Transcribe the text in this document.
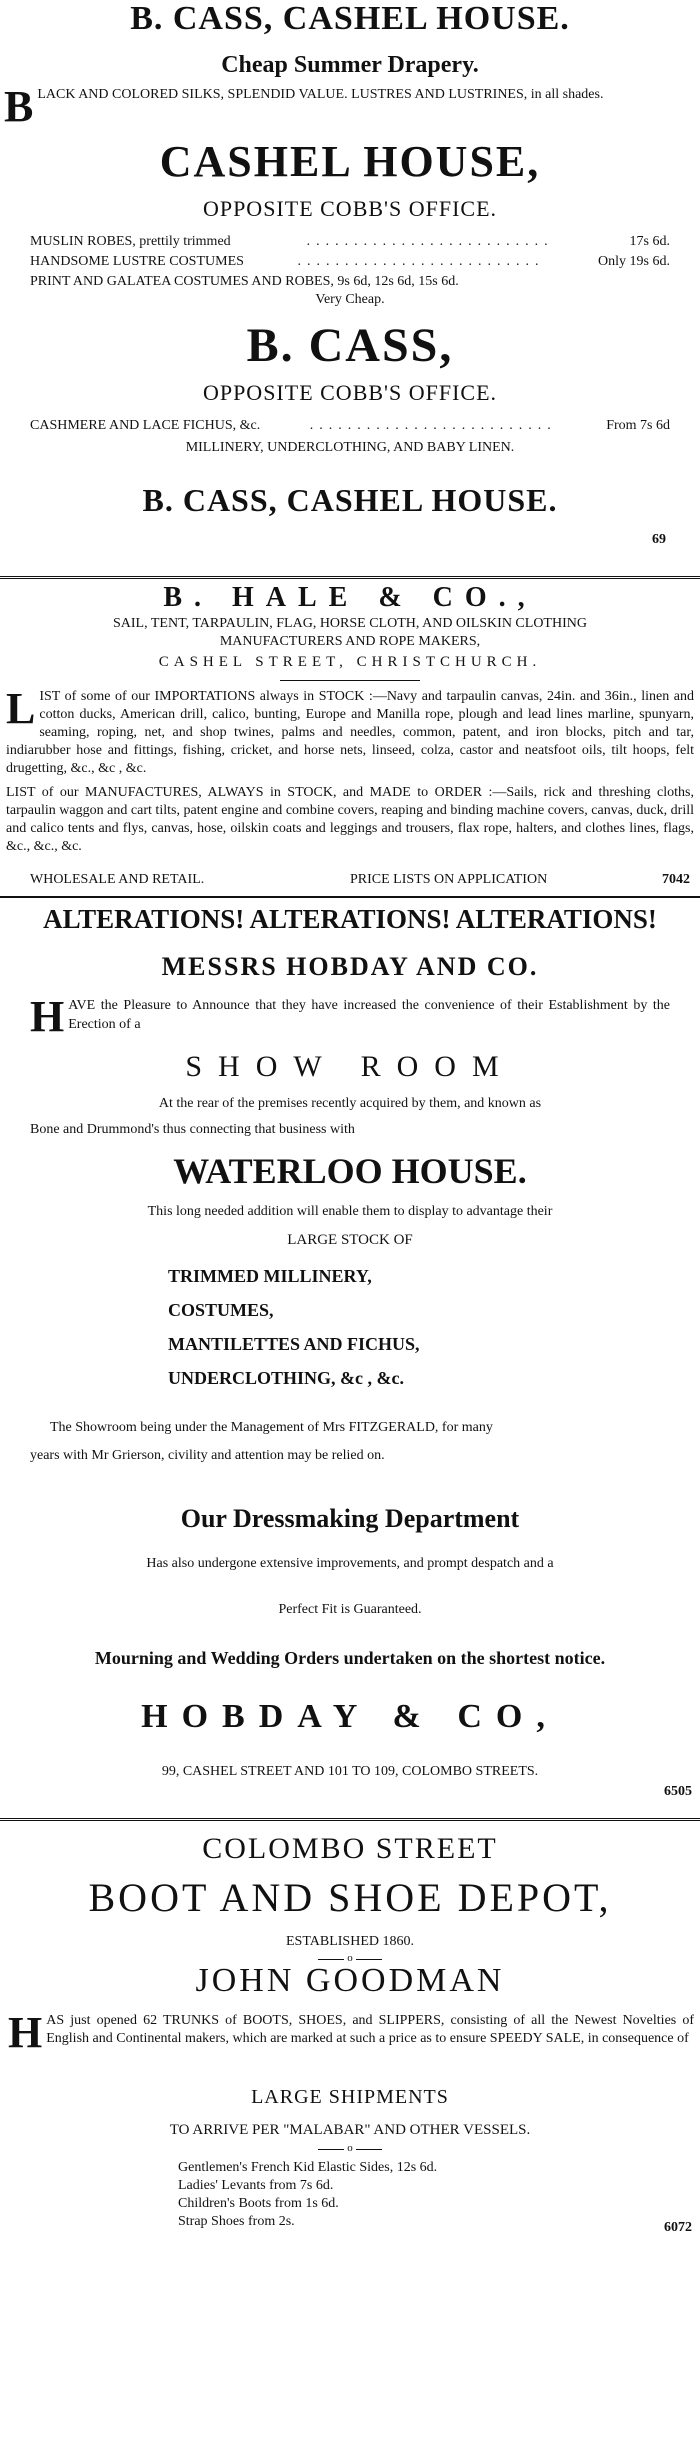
B. CASS, CASHEL HOUSE.
Cheap Summer Drapery.
B LACK AND COLORED SILKS, SPLENDID VALUE. LUSTRES AND LUSTRINES, in all shades.
CASHEL HOUSE,
OPPOSITE COBB'S OFFICE.
MUSLIN ROBES, prettily trimmed	..........................	17s 6d.
HANDSOME LUSTRE COSTUMES	..........................	Only 19s 6d.
PRINT AND GALATEA COSTUMES AND ROBES, 9s 6d, 12s 6d, 15s 6d.
Very Cheap.
B. CASS,
OPPOSITE COBB'S OFFICE.
CASHMERE AND LACE FICHUS, &c.	..........................	From 7s 6d
MILLINERY, UNDERCLOTHING, AND BABY LINEN.
B. CASS, CASHEL HOUSE.
69
B. HALE & CO.,
SAIL, TENT, TARPAULIN, FLAG, HORSE CLOTH, AND OILSKIN CLOTHING
MANUFACTURERS AND ROPE MAKERS,
CASHEL STREET, CHRISTCHURCH.
L IST of some of our IMPORTATIONS always in STOCK :—Navy and tarpaulin canvas, 24in. and 36in., linen and cotton ducks, American drill, calico, bunting, Europe and Manilla rope, plough and lead lines marline, spunyarn, seaming, roping, net, and shop twines, palms and needles, common, patent, and iron blocks, pitch and tar, indiarubber hose and fittings, fishing, cricket, and horse nets, linseed, colza, castor and neatsfoot oils, tilt hoops, felt drugetting, &c., &c , &c.
LIST of our MANUFACTURES, ALWAYS in STOCK, and MADE to ORDER :—Sails, rick and threshing cloths, tarpaulin waggon and cart tilts, patent engine and combine covers, reaping and binding machine covers, canvas, duck, drill and calico tents and flys, canvas, hose, oilskin coats and leggings and trousers, flax rope, halters, and clothes lines, flags, &c., &c., &c.
WHOLESALE AND RETAIL.	PRICE LISTS ON APPLICATION	7042
ALTERATIONS! ALTERATIONS! ALTERATIONS!
MESSRS HOBDAY AND CO.
H AVE the Pleasure to Announce that they have increased the convenience of their Establishment by the Erection of a
SHOW ROOM
At the rear of the premises recently acquired by them, and known as
Bone and Drummond's thus connecting that business with
WATERLOO HOUSE.
This long needed addition will enable them to display to advantage their
LARGE STOCK OF
TRIMMED MILLINERY,
COSTUMES,
MANTILETTES AND FICHUS,
UNDERCLOTHING, &c , &c.
The Showroom being under the Management of Mrs FITZGERALD, for many
years with Mr Grierson, civility and attention may be relied on.
Our Dressmaking Department
Has also undergone extensive improvements, and prompt despatch and a
Perfect Fit is Guaranteed.
Mourning and Wedding Orders undertaken on the shortest notice.
HOBDAY & CO,
99, CASHEL STREET AND 101 TO 109, COLOMBO STREETS.
6505
COLOMBO STREET
BOOT AND SHOE DEPOT,
ESTABLISHED 1860.
o
JOHN GOODMAN
H AS just opened 62 TRUNKS of BOOTS, SHOES, and SLIPPERS, consisting of all the Newest Novelties of English and Continental makers, which are marked at such a price as to ensure SPEEDY SALE, in consequence of
LARGE SHIPMENTS
TO ARRIVE PER "MALABAR" AND OTHER VESSELS.
o
Gentlemen's French Kid Elastic Sides, 12s 6d.
Ladies' Levants from 7s 6d.
Children's Boots from 1s 6d.
Strap Shoes from 2s.	6072
